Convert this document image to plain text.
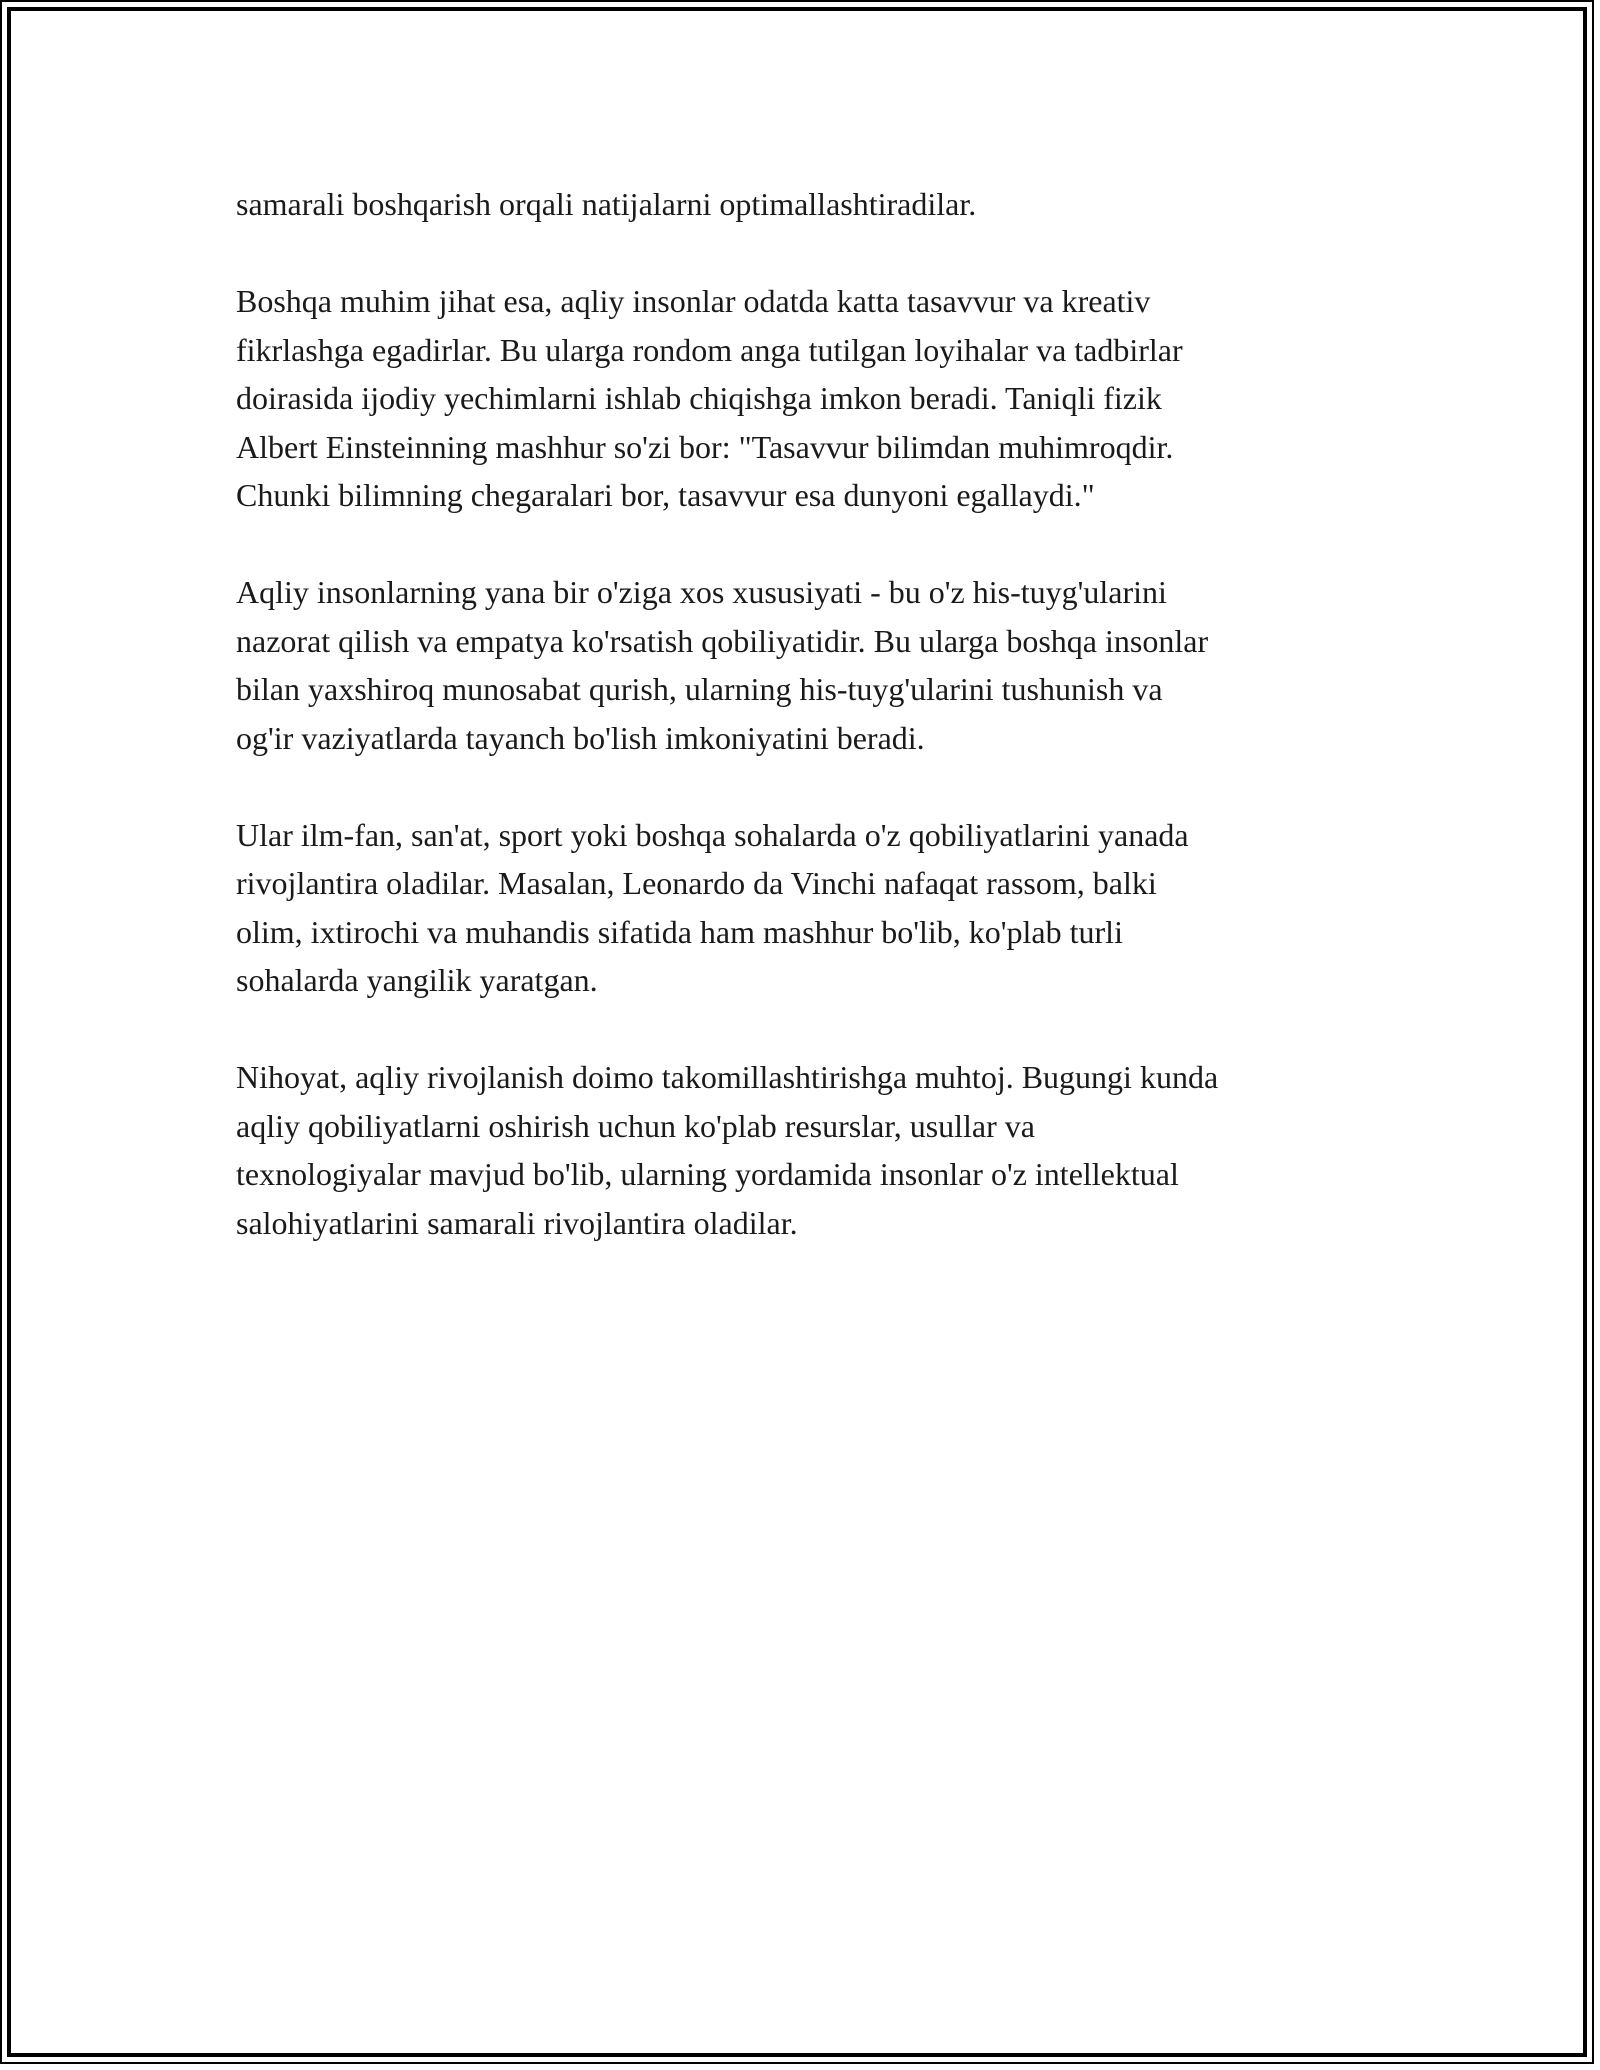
samarali boshqarish orqali natijalarni optimallashtiradilar.

Boshqa muhim jihat esa, aqliy insonlar odatda katta tasavvur va kreativ
fikrlashga egadirlar. Bu ularga rondom anga tutilgan loyihalar va tadbirlar
doirasida ijodiy yechimlarni ishlab chiqishga imkon beradi. Taniqli fizik
Albert Einsteinning mashhur so'zi bor: "Tasavvur bilimdan muhimroqdir.
Chunki bilimning chegaralari bor, tasavvur esa dunyoni egallaydi."

Aqliy insonlarning yana bir o'ziga xos xususiyati - bu o'z his-tuyg'ularini
nazorat qilish va empatya ko'rsatish qobiliyatidir. Bu ularga boshqa insonlar
bilan yaxshiroq munosabat qurish, ularning his-tuyg'ularini tushunish va
og'ir vaziyatlarda tayanch bo'lish imkoniyatini beradi.

Ular ilm-fan, san'at, sport yoki boshqa sohalarda o'z qobiliyatlarini yanada
rivojlantira oladilar. Masalan, Leonardo da Vinchi nafaqat rassom, balki
olim, ixtirochi va muhandis sifatida ham mashhur bo'lib, ko'plab turli
sohalarda yangilik yaratgan.

Nihoyat, aqliy rivojlanish doimo takomillashtirishga muhtoj. Bugungi kunda
aqliy qobiliyatlarni oshirish uchun ko'plab resurslar, usullar va
texnologiyalar mavjud bo'lib, ularning yordamida insonlar o'z intellektual
salohiyatlarini samarali rivojlantira oladilar.
